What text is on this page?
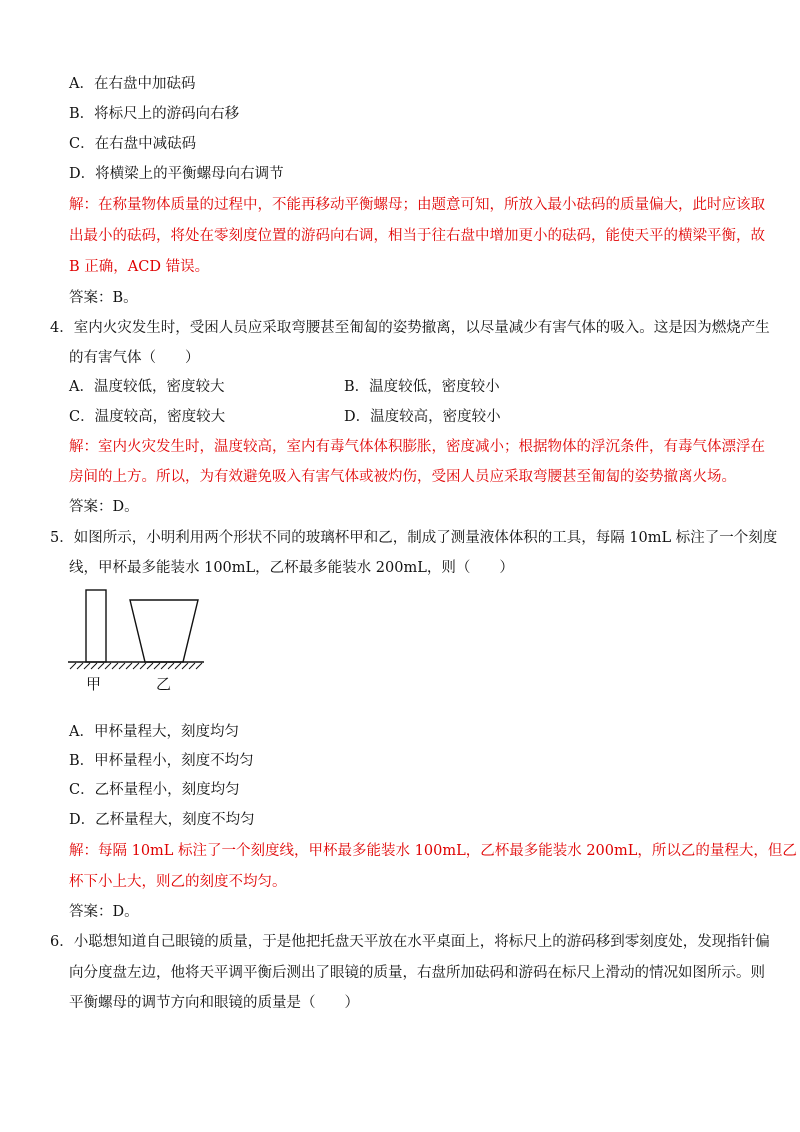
A．在右盘中加砝码
B．将标尺上的游码向右移
C．在右盘中减砝码
D．将横梁上的平衡螺母向右调节
解：在称量物体质量的过程中，不能再移动平衡螺母；由题意可知，所放入最小砝码的质量偏大，此时应该取
出最小的砝码，将处在零刻度位置的游码向右调，相当于往右盘中增加更小的砝码，能使天平的横梁平衡，故
B 正确，ACD 错误。
答案：B。
4．室内火灾发生时，受困人员应采取弯腰甚至匍匐的姿势撤离，以尽量减少有害气体的吸入。这是因为燃烧产生
的有害气体（　　）
A．温度较低，密度较大	B．温度较低，密度较小
C．温度较高，密度较大	D．温度较高，密度较小
解：室内火灾发生时，温度较高，室内有毒气体体积膨胀，密度减小；根据物体的浮沉条件，有毒气体漂浮在
房间的上方。所以，为有效避免吸入有害气体或被灼伤，受困人员应采取弯腰甚至匍匐的姿势撤离火场。
答案：D。
5．如图所示，小明利用两个形状不同的玻璃杯甲和乙，制成了测量液体体积的工具，每隔 10mL 标注了一个刻度
线，甲杯最多能装水 100mL，乙杯最多能装水 200mL，则（　　）
甲	乙
A．甲杯量程大，刻度均匀
B．甲杯量程小，刻度不均匀
C．乙杯量程小，刻度均匀
D．乙杯量程大，刻度不均匀
解：每隔 10mL 标注了一个刻度线，甲杯最多能装水 100mL，乙杯最多能装水 200mL，所以乙的量程大，但乙
杯下小上大，则乙的刻度不均匀。
答案：D。
6．小聪想知道自己眼镜的质量，于是他把托盘天平放在水平桌面上，将标尺上的游码移到零刻度处，发现指针偏
向分度盘左边，他将天平调平衡后测出了眼镜的质量，右盘所加砝码和游码在标尺上滑动的情况如图所示。则
平衡螺母的调节方向和眼镜的质量是（　　）
